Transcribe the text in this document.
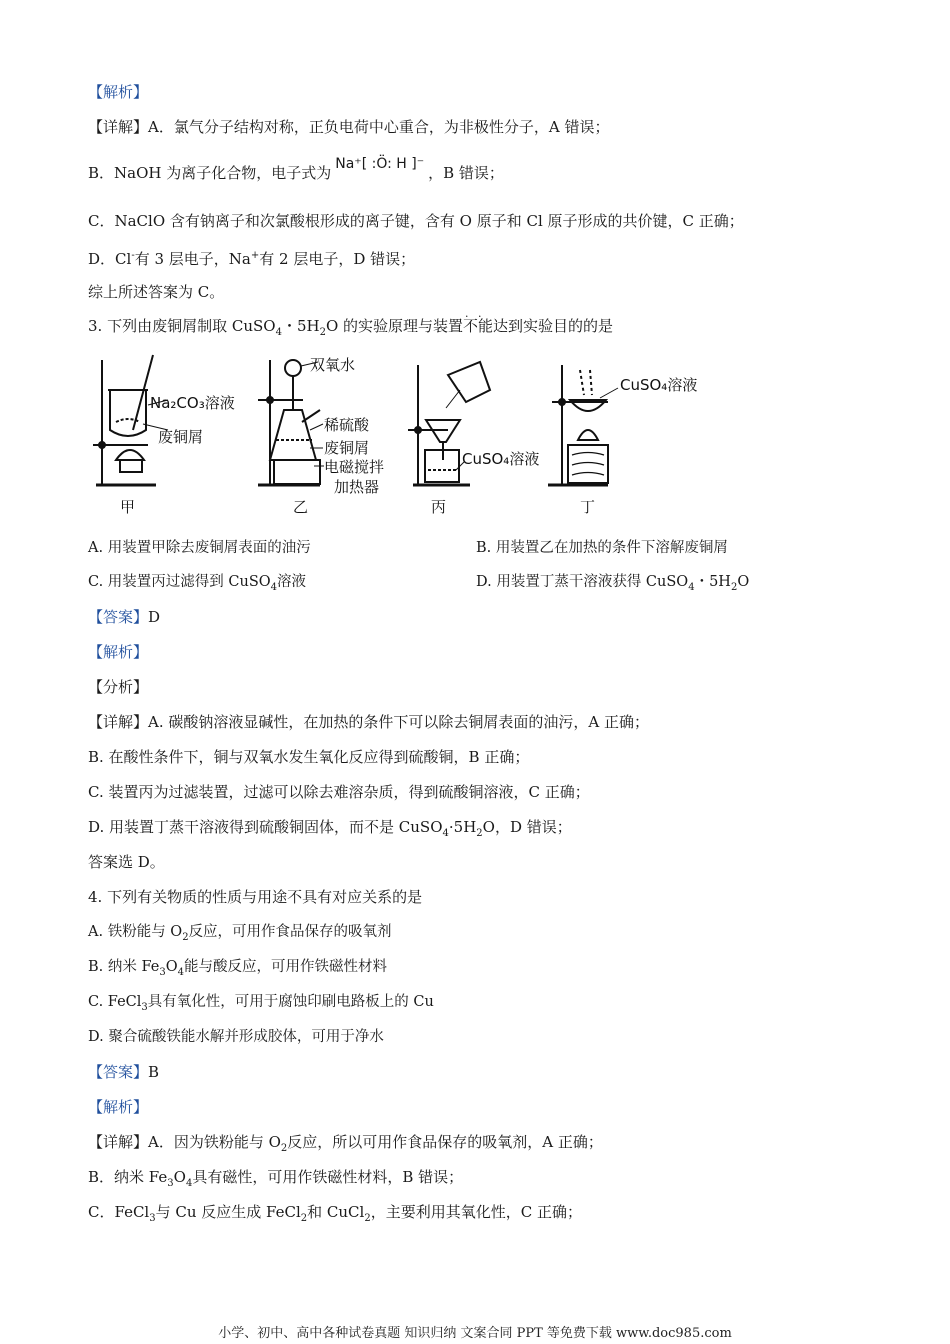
【解析】
【详解】A．氯气分子结构对称，正负电荷中心重合，为非极性分子，A 错误；
B．NaOH 为离子化合物，电子式为 Na⁺[ :Ö: H ]⁻ ，B 错误；
C．NaClO 含有钠离子和次氯酸根形成的离子键，含有 O 原子和 Cl 原子形成的共价键，C 正确；
D．Cl-有 3 层电子，Na+有 2 层电子，D 错误；
综上所述答案为 C。
3. 下列由废铜屑制取 CuSO$_4$・$5H_2O$ 的实验原理与装置· · 不能达到实验目的的是
Na₂CO₃溶液
废铜屑
双氧水
稀硫酸
废铜屑
电磁搅拌
加热器
CuSO₄溶液
CuSO₄溶液
甲	乙	丙	丁
A. 用装置甲除去废铜屑表面的油污	B. 用装置乙在加热的条件下溶解废铜屑
C. 用装置丙过滤得到 CuSO$_4$溶液	D. 用装置丁蒸干溶液获得 CuSO$_4$・$5H_2O$
【答案】D
【解析】
【分析】
【详解】A. 碳酸钠溶液显碱性，在加热的条件下可以除去铜屑表面的油污，A 正确；
B. 在酸性条件下，铜与双氧水发生氧化反应得到硫酸铜，B 正确；
C. 装置丙为过滤装置，过滤可以除去难溶杂质，得到硫酸铜溶液，C 正确；
D. 用装置丁蒸干溶液得到硫酸铜固体，而不是 $CuSO_4\cdot 5H_2O$，D 错误；
答案选 D。
4. 下列有关物质的性质与用途不具有对应关系的是
A. 铁粉能与 $O_2$反应，可用作食品保存的吸氧剂
B. 纳米 $Fe_3O_4$能与酸反应，可用作铁磁性材料
C. FeCl$_3$具有氧化性，可用于腐蚀印刷电路板上的 Cu
D. 聚合硫酸铁能水解并形成胶体，可用于净水
【答案】B
【解析】
【详解】A．因为铁粉能与 $O_2$反应，所以可用作食品保存的吸氧剂，A 正确；
B．纳米 $Fe_3O_4$具有磁性，可用作铁磁性材料，B 错误；
C．FeCl$_3$与 Cu 反应生成 FeCl$_2$和 CuCl$_2$，主要利用其氧化性，C 正确；
小学、初中、高中各种试卷真题 知识归纳 文案合同 PPT 等免费下载 www.doc985.com
